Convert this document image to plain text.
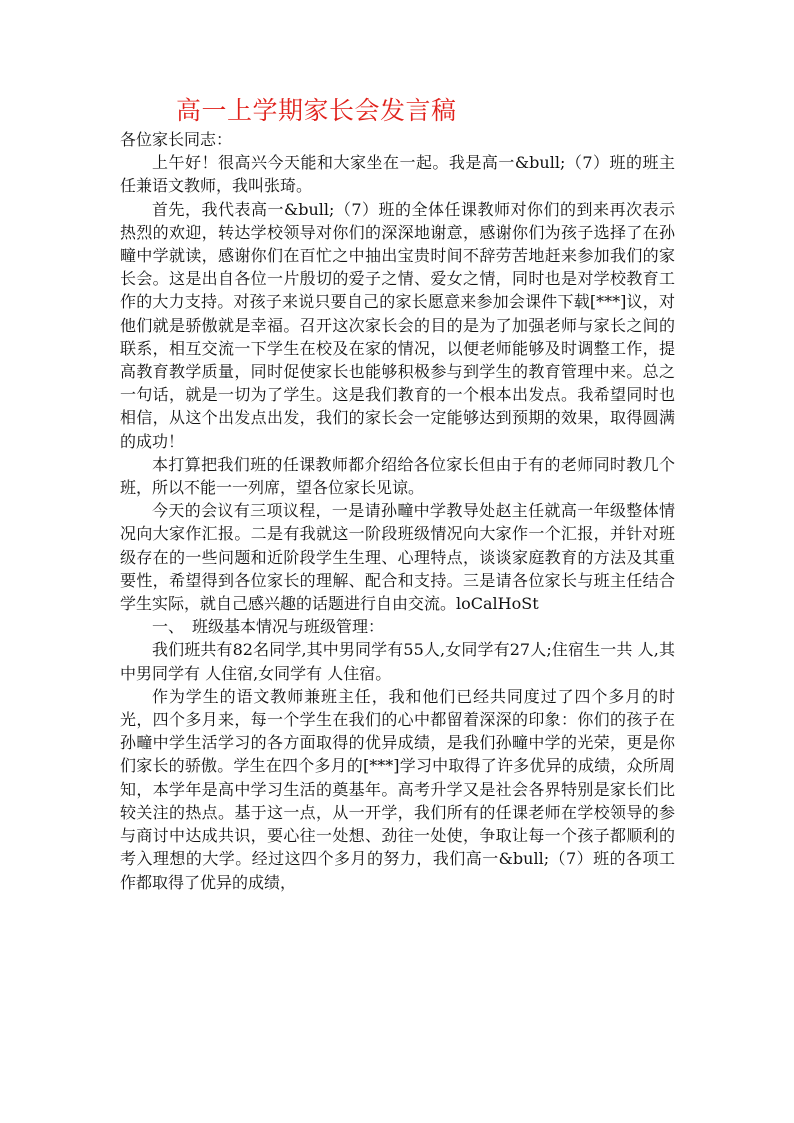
高一上学期家长会发言稿

各位家长同志：

上午好！很高兴今天能和大家坐在一起。我是高一&bull;（7）班的班主任兼语文教师，我叫张琦。

首先，我代表高一&bull;（7）班的全体任课教师对你们的到来再次表示热烈的欢迎，转达学校领导对你们的深深地谢意，感谢你们为孩子选择了在孙疃中学就读，感谢你们在百忙之中抽出宝贵时间不辞劳苦地赶来参加我们的家长会。这是出自各位一片殷切的爱子之情、爱女之情，同时也是对学校教育工作的大力支持。对孩子来说只要自己的家长愿意来参加会课件下载[***]议，对他们就是骄傲就是幸福。召开这次家长会的目的是为了加强老师与家长之间的联系，相互交流一下学生在校及在家的情况，以便老师能够及时调整工作，提高教育教学质量，同时促使家长也能够积极参与到学生的教育管理中来。总之一句话，就是一切为了学生。这是我们教育的一个根本出发点。我希望同时也相信，从这个出发点出发，我们的家长会一定能够达到预期的效果，取得圆满的成功！

本打算把我们班的任课教师都介绍给各位家长但由于有的老师同时教几个班，所以不能一一列席，望各位家长见谅。

今天的会议有三项议程，一是请孙疃中学教导处赵主任就高一年级整体情况向大家作汇报。二是有我就这一阶段班级情况向大家作一个汇报，并针对班级存在的一些问题和近阶段学生生理、心理特点，谈谈家庭教育的方法及其重要性，希望得到各位家长的理解、配合和支持。三是请各位家长与班主任结合学生实际，就自己感兴趣的话题进行自由交流。loCalHoSt

一、　班级基本情况与班级管理：

我们班共有82名同学,其中男同学有55人,女同学有27人;住宿生一共 人,其中男同学有 人住宿,女同学有 人住宿。

作为学生的语文教师兼班主任，我和他们已经共同度过了四个多月的时光，四个多月来，每一个学生在我们的心中都留着深深的印象：你们的孩子在孙疃中学生活学习的各方面取得的优异成绩，是我们孙疃中学的光荣，更是你们家长的骄傲。学生在四个多月的[***]学习中取得了许多优异的成绩，众所周知，本学年是高中学习生活的奠基年。高考升学又是社会各界特别是家长们比较关注的热点。基于这一点，从一开学，我们所有的任课老师在学校领导的参与商讨中达成共识，要心往一处想、劲往一处使，争取让每一个孩子都顺利的考入理想的大学。经过这四个多月的努力，我们高一&bull;（7）班的各项工作都取得了优异的成绩，
